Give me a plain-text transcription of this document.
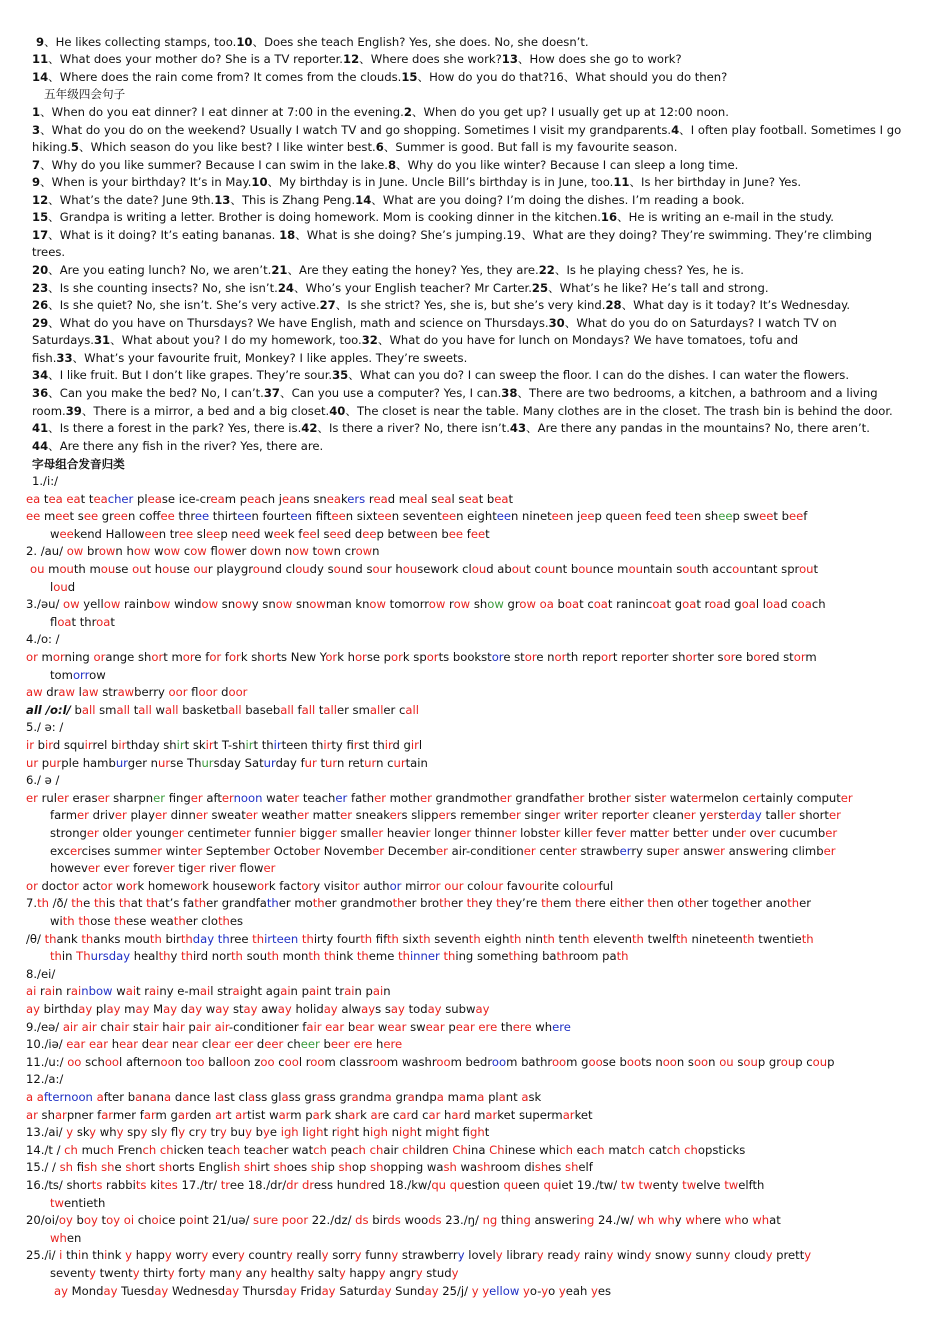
9、He likes collecting stamps, too.10、Does she teach English? Yes, she does. No, she doesn’t.
11、What does your mother do? She is a TV reporter.12、Where does she work?13、How does she go to work?
14、Where does the rain come from? It comes from the clouds.15、How do you do that?16、What should you do then?
五年级四会句子
1、When do you eat dinner? I eat dinner at 7:00 in the evening.2、When do you get up? I usually get up at 12:00 noon.
3、What do you do on the weekend? Usually I watch TV and go shopping. Sometimes I visit my grandparents.4、I often play football. Sometimes I go
hiking.5、Which season do you like best? I like winter best.6、Summer is good. But fall is my favourite season.
7、Why do you like summer? Because I can swim in the lake.8、Why do you like winter? Because I can sleep a long time.
9、When is your birthday? It’s in May.10、My birthday is in June. Uncle Bill’s birthday is in June, too.11、Is her birthday in June? Yes.
12、What’s the date? June 9th.13、This is Zhang Peng.14、What are you doing? I’m doing the dishes. I’m reading a book.
15、Grandpa is writing a letter. Brother is doing homework. Mom is cooking dinner in the kitchen.16、He is writing an e-mail in the study.
17、What is it doing? It’s eating bananas. 18、What is she doing? She’s jumping.19、What are they doing? They’re swimming. They’re climbing
trees.
20、Are you eating lunch? No, we aren’t.21、Are they eating the honey? Yes, they are.22、Is he playing chess? Yes, he is.
23、Is she counting insects? No, she isn’t.24、Who’s your English teacher? Mr Carter.25、What’s he like? He’s tall and strong.
26、Is she quiet? No, she isn’t. She’s very active.27、Is she strict? Yes, she is, but she’s very kind.28、What day is it today? It’s Wednesday.
29、What do you have on Thursdays? We have English, math and science on Thursdays.30、What do you do on Saturdays? I watch TV on
Saturdays.31、What about you? I do my homework, too.32、What do you have for lunch on Mondays? We have tomatoes, tofu and
fish.33、What’s your favourite fruit, Monkey? I like apples. They’re sweets.
34、I like fruit. But I don’t like grapes. They’re sour.35、What can you do? I can sweep the floor. I can do the dishes. I can water the flowers.
36、Can you make the bed? No, I can’t.37、Can you use a computer? Yes, I can.38、There are two bedrooms, a kitchen, a bathroom and a living
room.39、There is a mirror, a bed and a big closet.40、The closet is near the table. Many clothes are in the closet. The trash bin is behind the door.
41、Is there a forest in the park? Yes, there is.42、Is there a river? No, there isn’t.43、Are there any pandas in the mountains? No, there aren’t.
44、Are there any fish in the river? Yes, there are.
字母组合发音归类
1./i:/
ea tea eat teacher please ice-cream peach jeans sneakers read meal seal seat beat
ee meet see green coffee three thirteen fourteen fifteen sixteen seventeen eighteen nineteen jeep queen feed teen sheep sweet beef
weekend Halloween tree sleep need week feel seed deep between bee feet
2. /au/ ow brown how wow cow flower down now town crown
ou mouth mouse out house our playground cloudy sound sour housework cloud about count bounce mountain south accountant sprout
loud
3./əu/ ow yellow rainbow window snowy snow snowman know tomorrow row show grow oa boat coat ranincoat goat road goal load coach
float throat
4./o: /
or morning orange short more for fork shorts New York horse pork sports bookstore store north report reporter shorter sore bored storm
tomorrow
aw draw law strawberry oor floor door
all /o:l/ ball small tall wall basketball baseball fall taller smaller call
5./ ə: /
ir bird squirrel birthday shirt skirt T-shirt thirteen thirty first third girl
ur purple hamburger nurse Thursday Saturday fur turn return curtain
6./ ə /
er ruler eraser sharpner finger afternoon water teacher father mother grandmother grandfather brother sister watermelon certainly computer
farmer driver player dinner sweater weather matter sneakers slippers remember singer writer reporter cleaner yersterday taller shorter
stronger older younger centimeter funnier bigger smaller heavier longer thinner lobster killer fever matter better under over cucumber
excercises summer winter September October November December air-conditioner center strawberry super answer answering climber
however ever forever tiger river flower
or doctor actor work homework housework factory visitor author mirror our colour favourite colourful
7.th /ð/ the this that that’s father grandfather mother grandmother brother they they’re them there either then other together another
with those these weather clothes
/θ/ thank thanks mouth birthday three thirteen thirty fourth fifth sixth seventh eighth ninth tenth eleventh twelfth nineteenth twentieth
thin Thursday healthy third north south month think theme thinner thing something bathroom path
8./ei/
ai rain rainbow wait rainy e-mail straight again paint train pain
ay birthday play may May day way stay away holiday always say today subway
9./eə/ air air chair stair hair pair air-conditioner fair ear bear wear swear pear ere there where
10./iə/ ear ear hear dear near clear eer deer cheer beer ere here
11./u:/ oo school afternoon too balloon zoo cool room classroom washroom bedroom bathroom goose boots noon soon ou soup group coup
12./a:/
a afternoon after banana dance last class glass grass grandma grandpa mama plant ask
ar sharpner farmer farm garden art artist warm park shark are card car hard market supermarket
13./ai/ y sky why spy sly fly cry try buy bye igh light right high night might fight
14./t / ch much French chicken teach teacher watch peach chair children China Chinese which each match catch chopsticks
15./ / sh fish she short shorts English shirt shoes ship shop shopping wash washroom dishes shelf
16./ts/ shorts rabbits kites 17./tr/ tree 18./dr/dr dress hundred 18./kw/qu question queen quiet 19./tw/ tw twenty twelve twelfth
twentieth
20/oi/oy boy toy oi choice point 21/uə/ sure poor 22./dz/ ds birds woods 23./ŋ/ ng thing answering 24./w/ wh why where who what
when
25./i/ i thin think y happy worry every country really sorry funny strawberry lovely library ready rainy windy snowy sunny cloudy pretty
seventy twenty thirty forty many any healthy salty happy angry study
ay Monday Tuesday Wednesday Thursday Friday Saturday Sunday 25/j/ y yellow yo-yo yeah yes
